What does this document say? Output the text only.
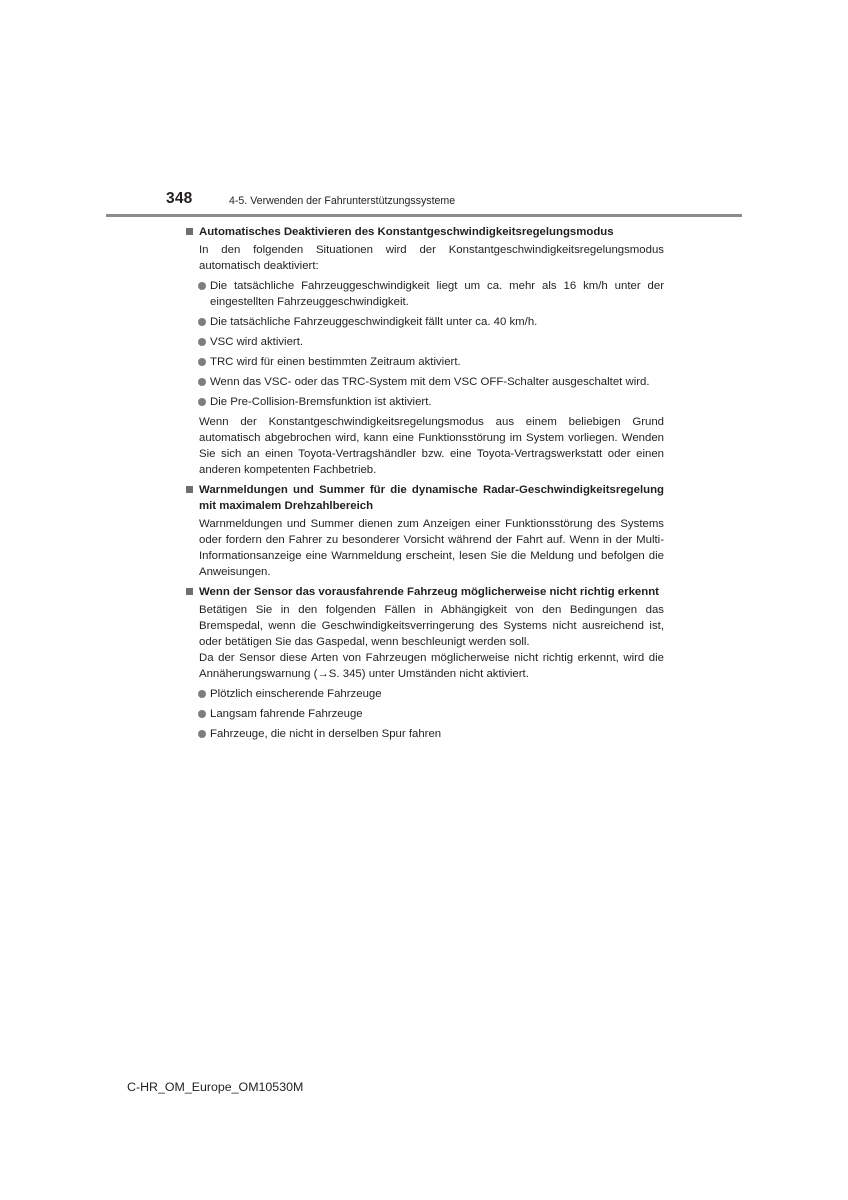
348	4-5. Verwenden der Fahrunterstützungssysteme
Automatisches Deaktivieren des Konstantgeschwindigkeitsregelungsmodus
In den folgenden Situationen wird der Konstantgeschwindigkeitsregelungsmodus automatisch deaktiviert:
Die tatsächliche Fahrzeuggeschwindigkeit liegt um ca. mehr als 16 km/h unter der eingestellten Fahrzeuggeschwindigkeit.
Die tatsächliche Fahrzeuggeschwindigkeit fällt unter ca. 40 km/h.
VSC wird aktiviert.
TRC wird für einen bestimmten Zeitraum aktiviert.
Wenn das VSC- oder das TRC-System mit dem VSC OFF-Schalter ausgeschaltet wird.
Die Pre-Collision-Bremsfunktion ist aktiviert.
Wenn der Konstantgeschwindigkeitsregelungsmodus aus einem beliebigen Grund automatisch abgebrochen wird, kann eine Funktionsstörung im System vorliegen. Wenden Sie sich an einen Toyota-Vertragshändler bzw. eine Toyota-Vertragswerkstatt oder einen anderen kompetenten Fachbetrieb.
Warnmeldungen und Summer für die dynamische Radar-Geschwindigkeitsregelung mit maximalem Drehzahlbereich
Warnmeldungen und Summer dienen zum Anzeigen einer Funktionsstörung des Systems oder fordern den Fahrer zu besonderer Vorsicht während der Fahrt auf. Wenn in der Multi-Informationsanzeige eine Warnmeldung erscheint, lesen Sie die Meldung und befolgen die Anweisungen.
Wenn der Sensor das vorausfahrende Fahrzeug möglicherweise nicht richtig erkennt
Betätigen Sie in den folgenden Fällen in Abhängigkeit von den Bedingungen das Bremspedal, wenn die Geschwindigkeitsverringerung des Systems nicht ausreichend ist, oder betätigen Sie das Gaspedal, wenn beschleunigt werden soll.
Da der Sensor diese Arten von Fahrzeugen möglicherweise nicht richtig erkennt, wird die Annäherungswarnung (→S. 345) unter Umständen nicht aktiviert.
Plötzlich einscherende Fahrzeuge
Langsam fahrende Fahrzeuge
Fahrzeuge, die nicht in derselben Spur fahren
C-HR_OM_Europe_OM10530M
